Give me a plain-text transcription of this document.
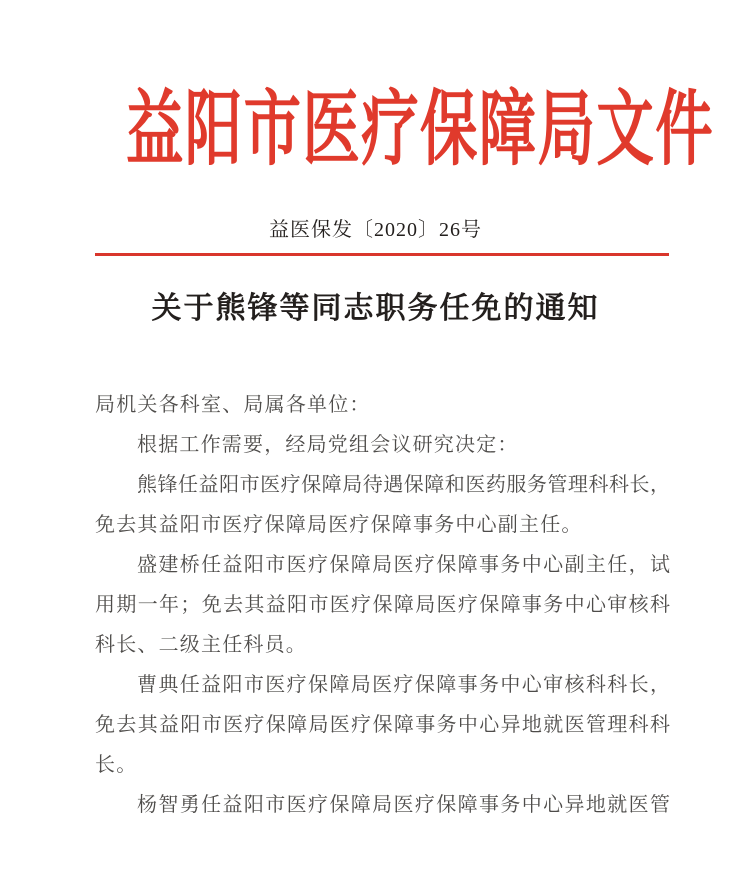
益阳市医疗保障局文件
益医保发〔2020〕26号
关于熊锋等同志职务任免的通知
局机关各科室、局属各单位：
根据工作需要，经局党组会议研究决定：
熊锋任益阳市医疗保障局待遇保障和医药服务管理科科长，
免去其益阳市医疗保障局医疗保障事务中心副主任。
盛建桥任益阳市医疗保障局医疗保障事务中心副主任，试
用期一年；免去其益阳市医疗保障局医疗保障事务中心审核科
科长、二级主任科员。
曹典任益阳市医疗保障局医疗保障事务中心审核科科长，
免去其益阳市医疗保障局医疗保障事务中心异地就医管理科科
长。
杨智勇任益阳市医疗保障局医疗保障事务中心异地就医管
